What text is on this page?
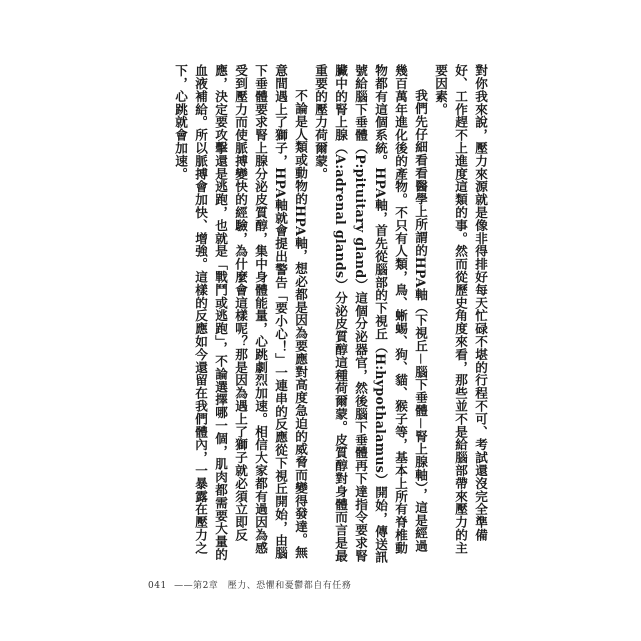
對你我來說，壓力來源就是像非得排好每天忙碌不堪的行程不可、考試還沒完全準備好、工作趕不上進度這類的事。然而從歷史角度來看，那些並不是給腦部帶來壓力的主要因素。

我們先仔細看看醫學上所謂的HPA軸（下視丘－腦下垂體－腎上腺軸），這是經過幾百萬年進化後的產物。不只有人類，鳥、蜥蜴、狗、貓、猴子等，基本上所有脊椎動物都有這個系統。HPA軸，首先從腦部的下視丘（H:hypothalamus）開始，傳送訊號給腦下垂體（P:pituitary gland）這個分泌器官，然後腦下垂體再下達指令要求腎臟中的腎上腺（A:adrenal glands）分泌皮質醇這種荷爾蒙。皮質醇對身體而言是最重要的壓力荷爾蒙。

不論是人類或動物的HPA軸，想必都是因為要應對高度急迫的威脅而變得發達。無意間遇上了獅子，HPA軸就會提出警告「要小心！」一連串的反應從下視丘開始，由腦下垂體要求腎上腺分泌皮質醇，集中身體能量，心跳劇烈加速。相信大家都有過因為感受到壓力而使脈搏變快的經驗，為什麼會這樣呢？那是因為遇上了獅子就必須立即反應，決定要攻擊還是逃跑，也就是「戰鬥或逃跑」，不論選擇哪一個，肌肉都需要大量的血液補給。所以脈搏會加快、增強。這樣的反應如今還留在我們體內，一暴露在壓力之下，心跳就會加速。

041 ——第2章　壓力、恐懼和憂鬱都自有任務
